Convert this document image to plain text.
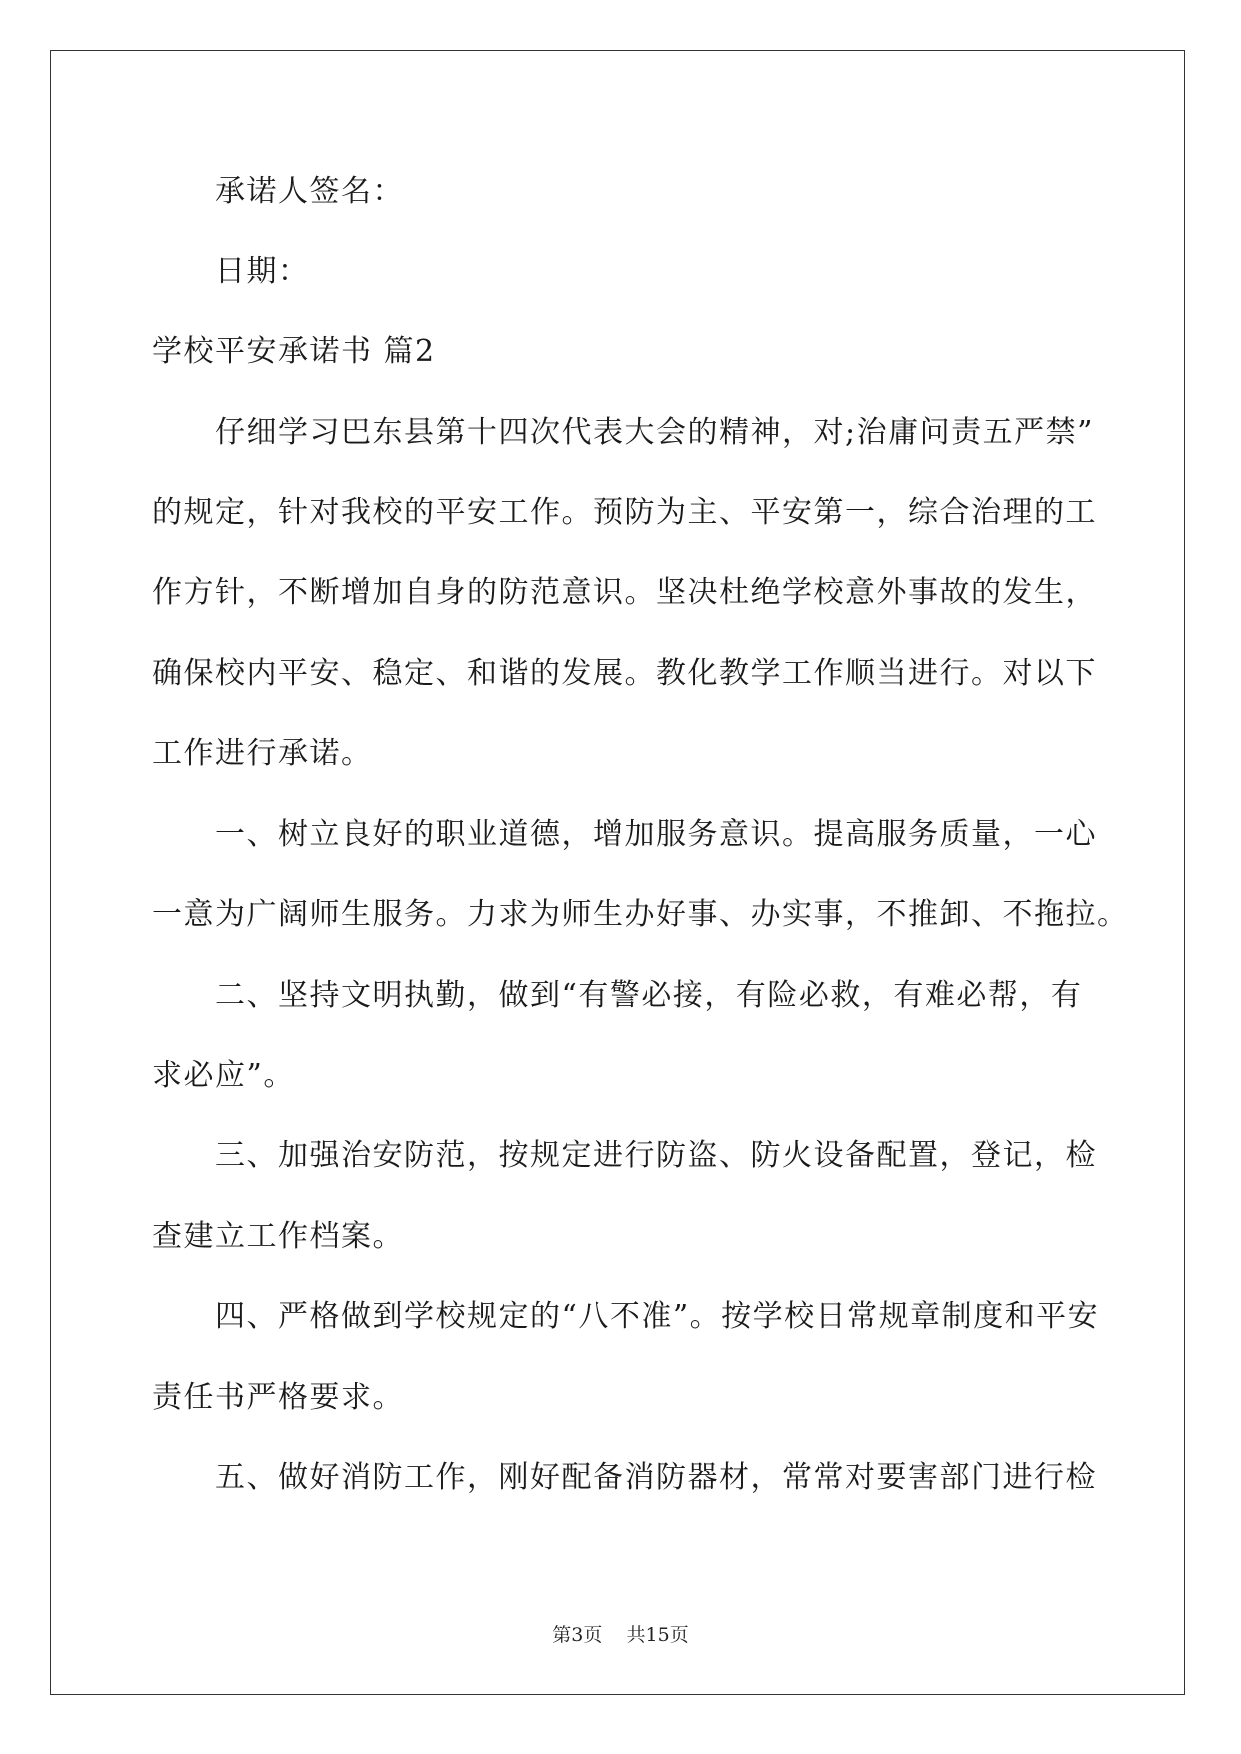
承诺人签名：
日期：
学校平安承诺书 篇2
仔细学习巴东县第十四次代表大会的精神，对;治庸问责五严禁”
的规定，针对我校的平安工作。预防为主、平安第一，综合治理的工
作方针，不断增加自身的防范意识。坚决杜绝学校意外事故的发生，
确保校内平安、稳定、和谐的发展。教化教学工作顺当进行。对以下
工作进行承诺。
一、树立良好的职业道德，增加服务意识。提高服务质量，一心
一意为广阔师生服务。力求为师生办好事、办实事，不推卸、不拖拉。
二、坚持文明执勤，做到“有警必接，有险必救，有难必帮，有
求必应”。
三、加强治安防范，按规定进行防盗、防火设备配置，登记，检
查建立工作档案。
四、严格做到学校规定的“八不准”。按学校日常规章制度和平安
责任书严格要求。
五、做好消防工作，刚好配备消防器材，常常对要害部门进行检
第3页    共15页
